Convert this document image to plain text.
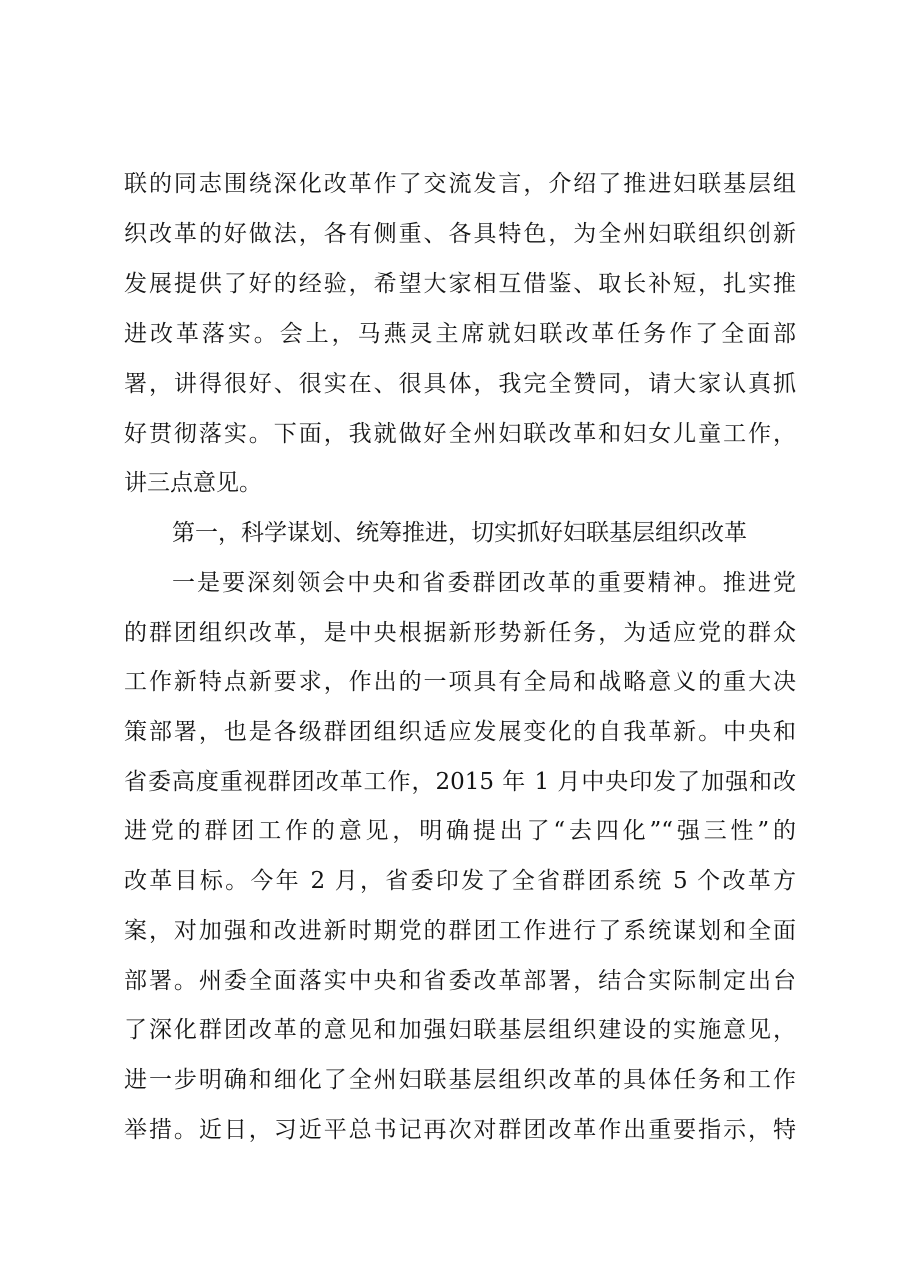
联的同志围绕深化改革作了交流发言，介绍了推进妇联基层组
织改革的好做法，各有侧重、各具特色，为全州妇联组织创新
发展提供了好的经验，希望大家相互借鉴、取长补短，扎实推
进改革落实。会上，马燕灵主席就妇联改革任务作了全面部
署，讲得很好、很实在、很具体，我完全赞同，请大家认真抓
好贯彻落实。下面，我就做好全州妇联改革和妇女儿童工作，
讲三点意见。
第一，科学谋划、统筹推进，切实抓好妇联基层组织改革
一是要深刻领会中央和省委群团改革的重要精神。推进党
的群团组织改革，是中央根据新形势新任务，为适应党的群众
工作新特点新要求，作出的一项具有全局和战略意义的重大决
策部署，也是各级群团组织适应发展变化的自我革新。中央和
省委高度重视群团改革工作，2015 年 1 月中央印发了加强和改
进党的群团工作的意见，明确提出了“去四化”“强三性”的
改革目标。今年 2 月，省委印发了全省群团系统 5 个改革方
案，对加强和改进新时期党的群团工作进行了系统谋划和全面
部署。州委全面落实中央和省委改革部署，结合实际制定出台
了深化群团改革的意见和加强妇联基层组织建设的实施意见，
进一步明确和细化了全州妇联基层组织改革的具体任务和工作
举措。近日，习近平总书记再次对群团改革作出重要指示，特
